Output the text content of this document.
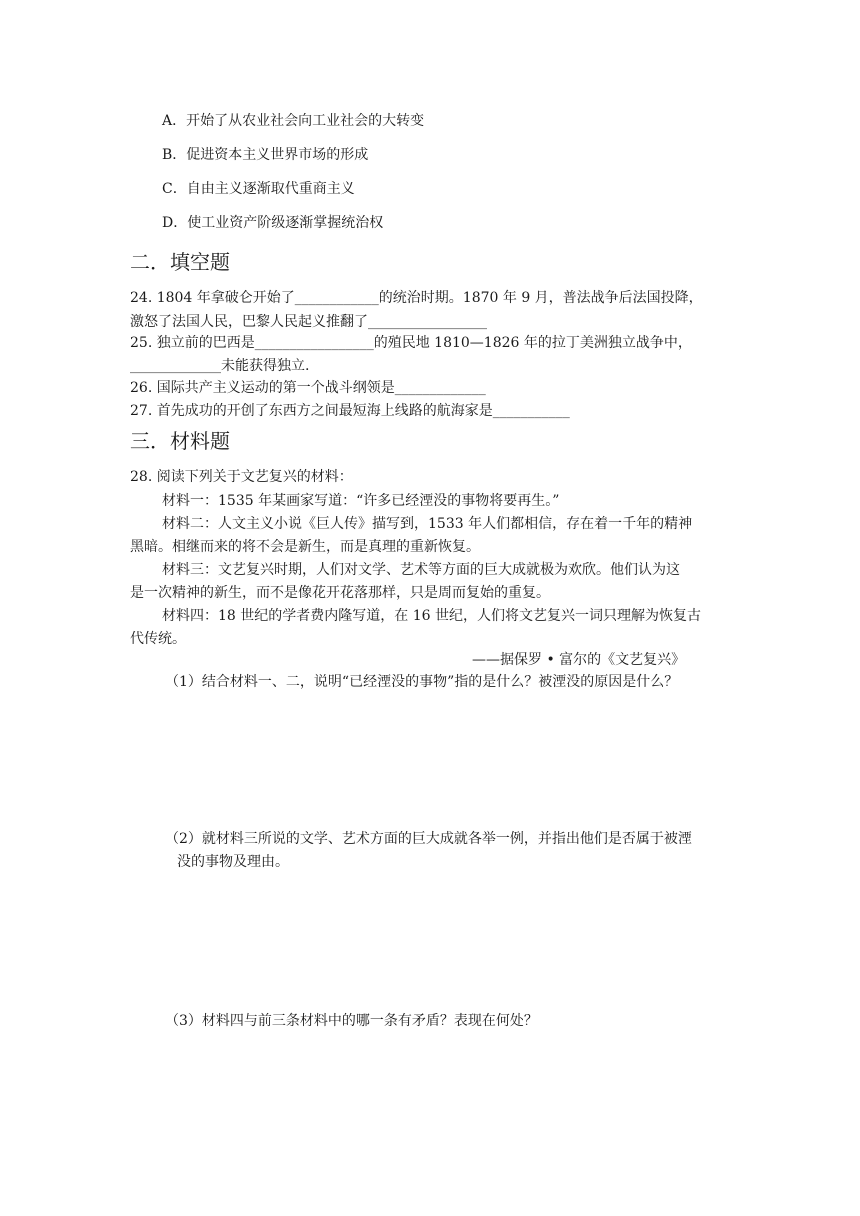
A．开始了从农业社会向工业社会的大转变
B．促进资本主义世界市场的形成
C．自由主义逐渐取代重商主义
D．使工业资产阶级逐渐掌握统治权
二．填空题
24. 1804 年拿破仑开始了____________的统治时期。1870 年 9 月，普法战争后法国投降，
激怒了法国人民，巴黎人民起义推翻了_________________
25. 独立前的巴西是_________________的殖民地 1810—1826 年的拉丁美洲独立战争中，
_____________未能获得独立.
26. 国际共产主义运动的第一个战斗纲领是_____________
27. 首先成功的开创了东西方之间最短海上线路的航海家是___________
三．材料题
28. 阅读下列关于文艺复兴的材料：
材料一：1535 年某画家写道：“许多已经湮没的事物将要再生。”
材料二：人文主义小说《巨人传》描写到，1533 年人们都相信，存在着一千年的精神
黑暗。相继而来的将不会是新生，而是真理的重新恢复。
材料三：文艺复兴时期，人们对文学、艺术等方面的巨大成就极为欢欣。他们认为这
是一次精神的新生，而不是像花开花落那样，只是周而复始的重复。
材料四：18 世纪的学者费内隆写道，在 16 世纪，人们将文艺复兴一词只理解为恢复古
代传统。
——据保罗 • 富尔的《文艺复兴》
（1）结合材料一、二，说明“已经湮没的事物”指的是什么？被湮没的原因是什么？
（2）就材料三所说的文学、艺术方面的巨大成就各举一例，并指出他们是否属于被湮
没的事物及理由。
（3）材料四与前三条材料中的哪一条有矛盾？表现在何处？
